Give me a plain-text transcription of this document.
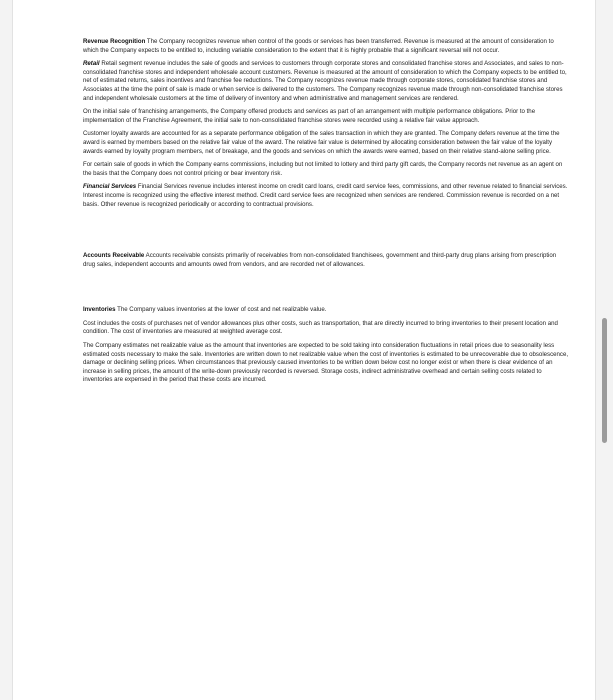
Revenue Recognition The Company recognizes revenue when control of the goods or services has been transferred. Revenue is measured at the amount of consideration to which the Company expects to be entitled to, including variable consideration to the extent that it is highly probable that a significant reversal will not occur.

Retail Retail segment revenue includes the sale of goods and services to customers through corporate stores and consolidated franchise stores and Associates, and sales to non-consolidated franchise stores and independent wholesale account customers. Revenue is measured at the amount of consideration to which the Company expects to be entitled to, net of estimated returns, sales incentives and franchise fee reductions. The Company recognizes revenue made through corporate stores, consolidated franchise stores and Associates at the time the point of sale is made or when service is delivered to the customers. The Company recognizes revenue made through non-consolidated franchise stores and independent wholesale customers at the time of delivery of inventory and when administrative and management services are rendered.

On the initial sale of franchising arrangements, the Company offered products and services as part of an arrangement with multiple performance obligations. Prior to the implementation of the Franchise Agreement, the initial sale to non-consolidated franchise stores were recorded using a relative fair value approach.

Customer loyalty awards are accounted for as a separate performance obligation of the sales transaction in which they are granted. The Company defers revenue at the time the award is earned by members based on the relative fair value of the award. The relative fair value is determined by allocating consideration between the fair value of the loyalty awards earned by loyalty program members, net of breakage, and the goods and services on which the awards were earned, based on their relative stand-alone selling price.

For certain sale of goods in which the Company earns commissions, including but not limited to lottery and third party gift cards, the Company records net revenue as an agent on the basis that the Company does not control pricing or bear inventory risk.

Financial Services Financial Services revenue includes interest income on credit card loans, credit card service fees, commissions, and other revenue related to financial services. Interest income is recognized using the effective interest method. Credit card service fees are recognized when services are rendered. Commission revenue is recorded on a net basis. Other revenue is recognized periodically or according to contractual provisions.

Accounts Receivable Accounts receivable consists primarily of receivables from non-consolidated franchisees, government and third-party drug plans arising from prescription drug sales, independent accounts and amounts owed from vendors, and are recorded net of allowances.

Inventories The Company values inventories at the lower of cost and net realizable value.

Cost includes the costs of purchases net of vendor allowances plus other costs, such as transportation, that are directly incurred to bring inventories to their present location and condition. The cost of inventories are measured at weighted average cost.

The Company estimates net realizable value as the amount that inventories are expected to be sold taking into consideration fluctuations in retail prices due to seasonality less estimated costs necessary to make the sale. Inventories are written down to net realizable value when the cost of inventories is estimated to be unrecoverable due to obsolescence, damage or declining selling prices. When circumstances that previously caused inventories to be written down below cost no longer exist or when there is clear evidence of an increase in selling prices, the amount of the write-down previously recorded is reversed. Storage costs, indirect administrative overhead and certain selling costs related to inventories are expensed in the period that these costs are incurred.
